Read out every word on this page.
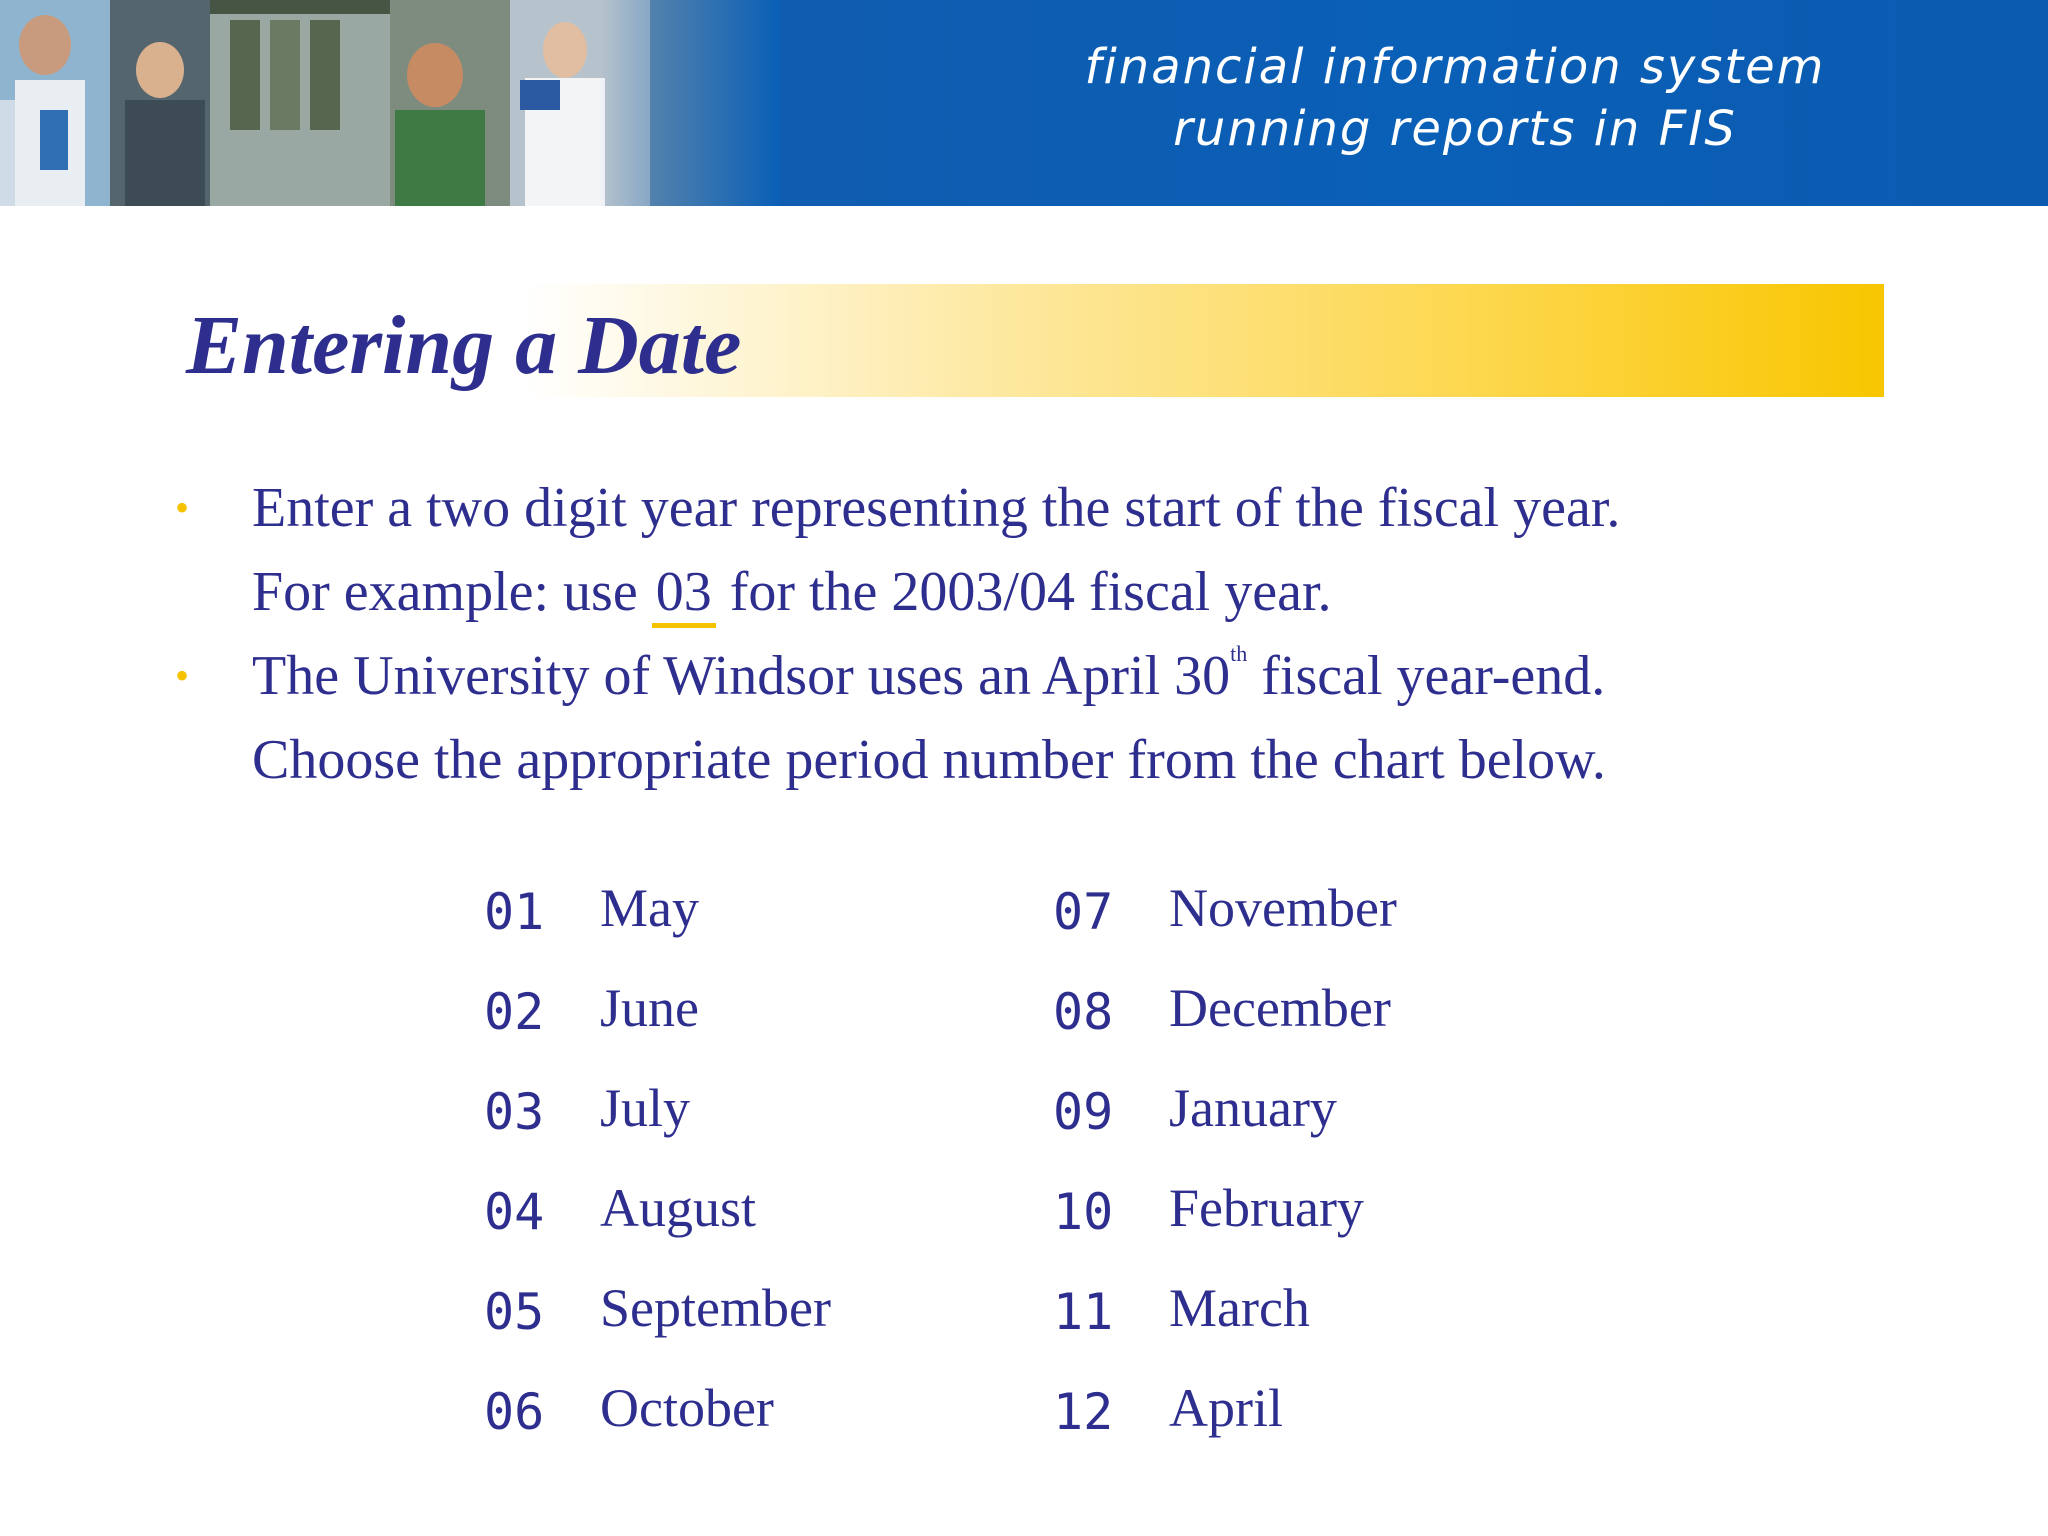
financial information system
running reports in FIS
Entering a Date
• Enter a two digit year representing the start of the fiscal year.
For example: use 03 for the 2003/04 fiscal year.
• The University of Windsor uses an April 30th fiscal year-end.
Choose the appropriate period number from the chart below.
01 May
02 June
03 July
04 August
05 September
06 October
07 November
08 December
09 January
10 February
11 March
12 April
